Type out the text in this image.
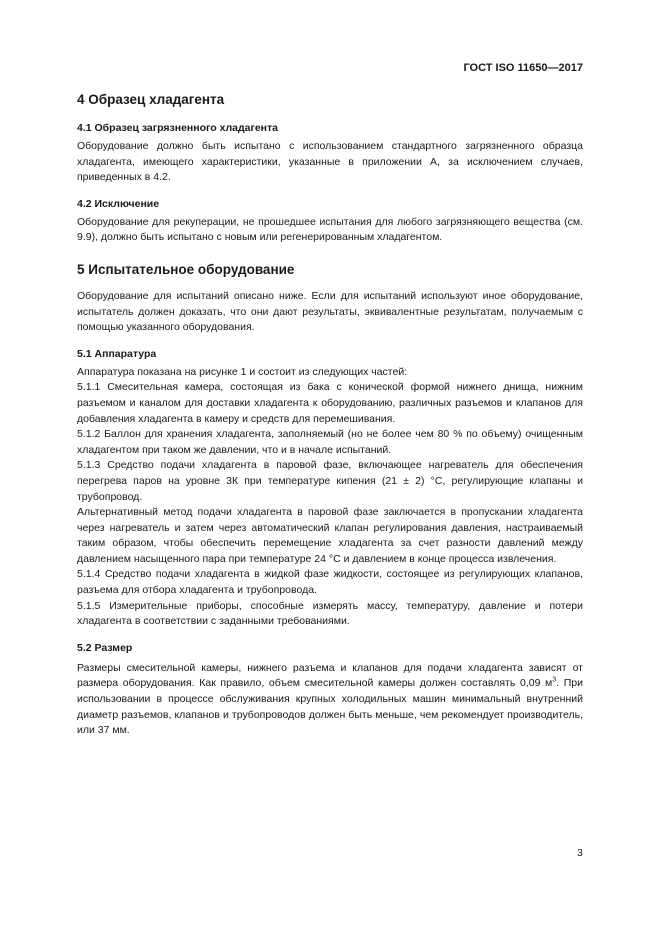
ГОСТ ISO 11650—2017
4 Образец хладагента
4.1 Образец загрязненного хладагента

Оборудование должно быть испытано с использованием стандартного загрязненного образца хладагента, имеющего характеристики, указанные в приложении А, за исключением случаев, приведенных в 4.2.

4.2 Исключение

Оборудование для рекуперации, не прошедшее испытания для любого загрязняющего вещества (см. 9.9), должно быть испытано с новым или регенерированным хладагентом.

5 Испытательное оборудование

Оборудование для испытаний описано ниже. Если для испытаний используют иное оборудование, испытатель должен доказать, что они дают результаты, эквивалентные результатам, получаемым с помощью указанного оборудования.

5.1 Аппаратура

Аппаратура показана на рисунке 1 и состоит из следующих частей:

5.1.1 Смесительная камера, состоящая из бака с конической формой нижнего днища, нижним разъемом и каналом для доставки хладагента к оборудованию, различных разъемов и клапанов для добавления хладагента в камеру и средств для перемешивания.

5.1.2 Баллон для хранения хладагента, заполняемый (но не более чем 80 % по объему) очищенным хладагентом при таком же давлении, что и в начале испытаний.

5.1.3 Средство подачи хладагента в паровой фазе, включающее нагреватель для обеспечения перегрева паров на уровне 3К при температуре кипения (21 ± 2) °С, регулирующие клапаны и трубопровод.

Альтернативный метод подачи хладагента в паровой фазе заключается в пропускании хладагента через нагреватель и затем через автоматический клапан регулирования давления, настраиваемый таким образом, чтобы обеспечить перемещение хладагента за счет разности давлений между давлением насыщенного пара при температуре 24 °С и давлением в конце процесса извлечения.

5.1.4 Средство подачи хладагента в жидкой фазе жидкости, состоящее из регулирующих клапанов, разъема для отбора хладагента и трубопровода.

5.1.5 Измерительные приборы, способные измерять массу, температуру, давление и потери хладагента в соответствии с заданными требованиями.

5.2 Размер

Размеры смесительной камеры, нижнего разъема и клапанов для подачи хладагента зависят от размера оборудования. Как правило, объем смесительной камеры должен составлять 0,09 $м^3$. При использовании в процессе обслуживания крупных холодильных машин минимальный внутренний диаметр разъемов, клапанов и трубопроводов должен быть меньше, чем рекомендует производитель, или 37 мм.

3
